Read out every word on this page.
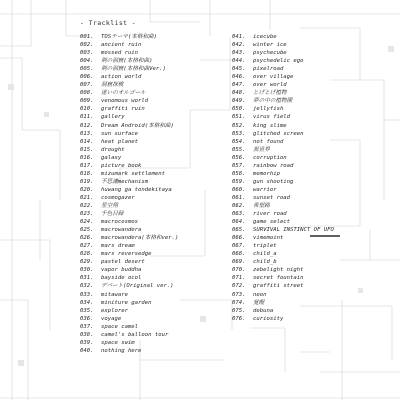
- Tracklist -
001. TOSテーマ(本格和曲)
002. ancient ruin
003. mossed ruin
004. 剣の洞窟(本格和曲)
005. 剣の洞窟(本格和曲Ver.)
006. action world
007. 洞窟探検
008. 迷いのオルゴール
009. venomous world
010. graffiti ruin
011. gallery
012. Dream Android(本格和曲)
013. sun surface
014. heat planet
015. drought
016. galaxy
017. picture book
018. mizumark settlement
019. 不思議mechanism
020. huwang ga tondekitaya
021. cosmogazer
022. 星空翔
023. 千色目録
024. macrocosmos
025. macrowandera
026. macrowandera(本格和ver.)
027. mars dream
028. mars reversedge
029. pastel desert
030. vapor buddha
031. bayside ocol
032. デパート(Original ver.)
033. mitaware
034. miniture garden
035. explorer
036. voyage
037. space camel
038. camel's balloon tour
039. space swim
040. nothing here
041. icecube
042. winter ice
043. psychecube
044. psychedelic ego
045. pixelroad
046. over village
047. over world
048. とげとげ植物
049. 夢の中の植物園
050. jellyfish
051. virus field
052. king slime
053. glitched screen
054. not found
055. 異世界
056. corruption
057. rainbow road
058. memorhip
059. gun shooting
060. warrior
061. sunset road
062. 希望路
063. river road
064. game select
065. SURVIVAL INSTINCT OF UFO
066. vimemoint
067. triplet
068. child_a
069. child_b
070. zebelight night
071. secret fountain
072. graffiti street
073. neon
074. 覚醒
075. debuna
076. curiosity
